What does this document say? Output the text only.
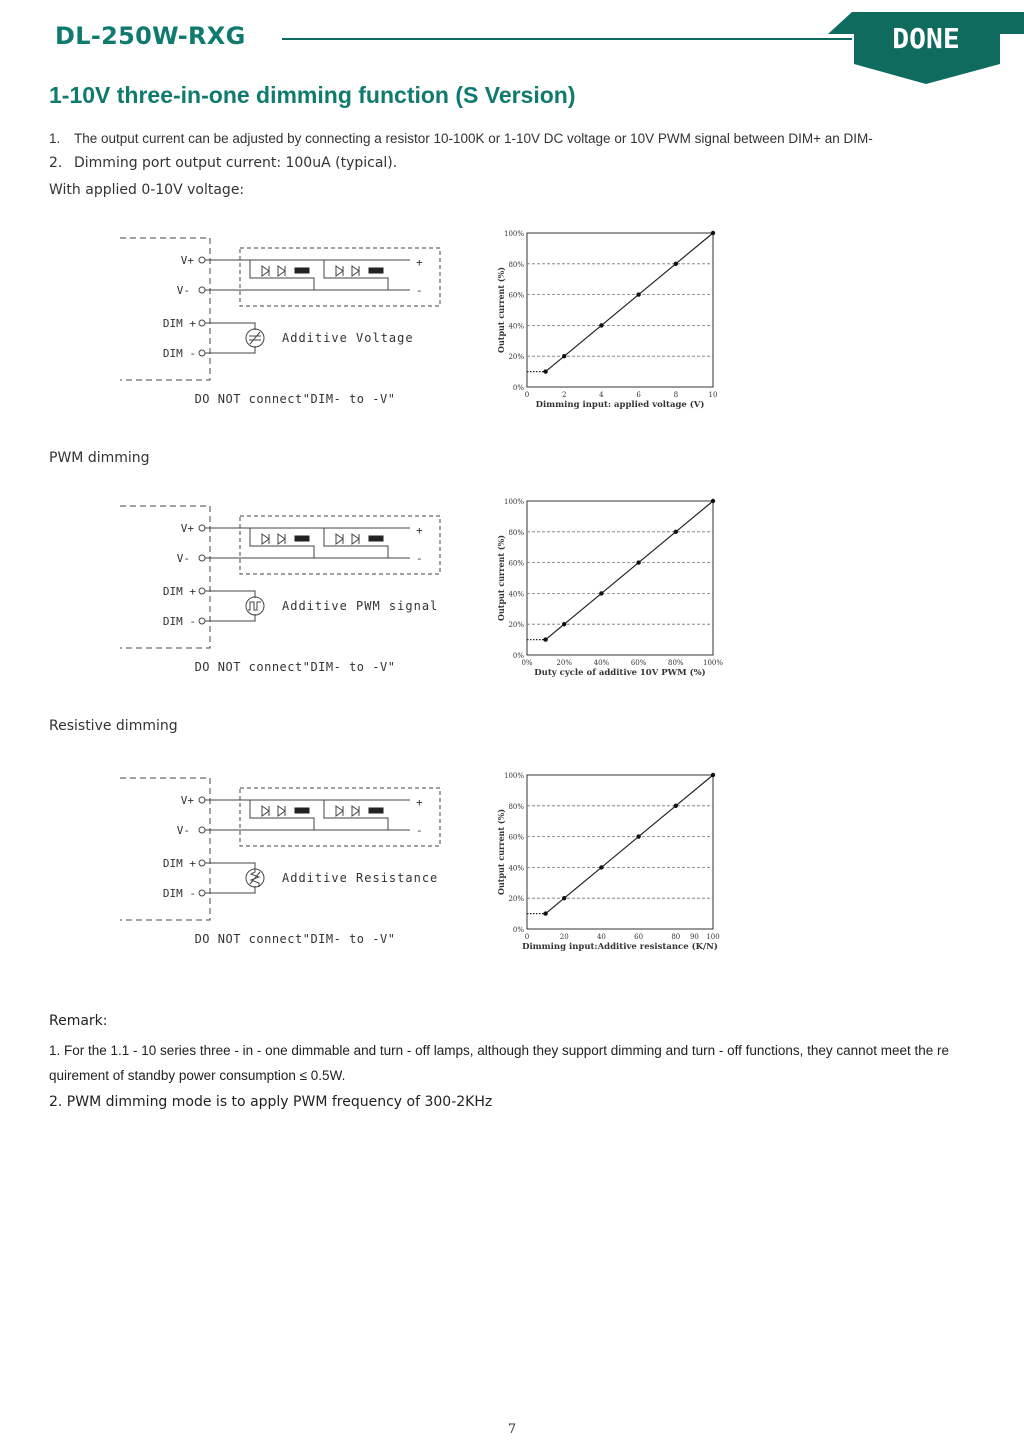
DL-250W-RXG	DONE
1-10V three-in-one dimming function (S Version)
1. The output current can be adjusted by connecting a resistor 10-100K or 1-10V DC voltage or 10V PWM signal between DIM+ an DIM-
2. Dimming port output current: 100uA (typical).
With applied 0-10V voltage:
PWM dimming
Resistive dimming
V+
V-
DIM +
DIM -
+
-
Additive Voltage
DO NOT connect"DIM- to -V"
V+
V-
DIM +
DIM -
+
-
Additive PWM signal
DO NOT connect"DIM- to -V"
V+
V-
DIM +
DIM -
+
-
Additive Resistance
DO NOT connect"DIM- to -V"
0%
20%
40%
60%
80%
100%
0	2	4	6	8	10
Output current (%)
Dimming input: applied voltage (V)
0%
20%
40%
60%
80%
100%
0%	20%	40%	60%	80%	100%
Output current (%)
Duty cycle of additive 10V PWM (%)
0%
20%
40%
60%
80%
100%
0	20	40	60	80 90 100
Output current (%)
Dimming input:Additive resistance (K/N)
Remark:
1. For the 1.1 - 10 series three - in - one dimmable and turn - off lamps, although they support dimming and turn - off functions, they cannot meet the re
quirement of standby power consumption ≤ 0.5W.
2. PWM dimming mode is to apply PWM frequency of 300-2KHz
7
